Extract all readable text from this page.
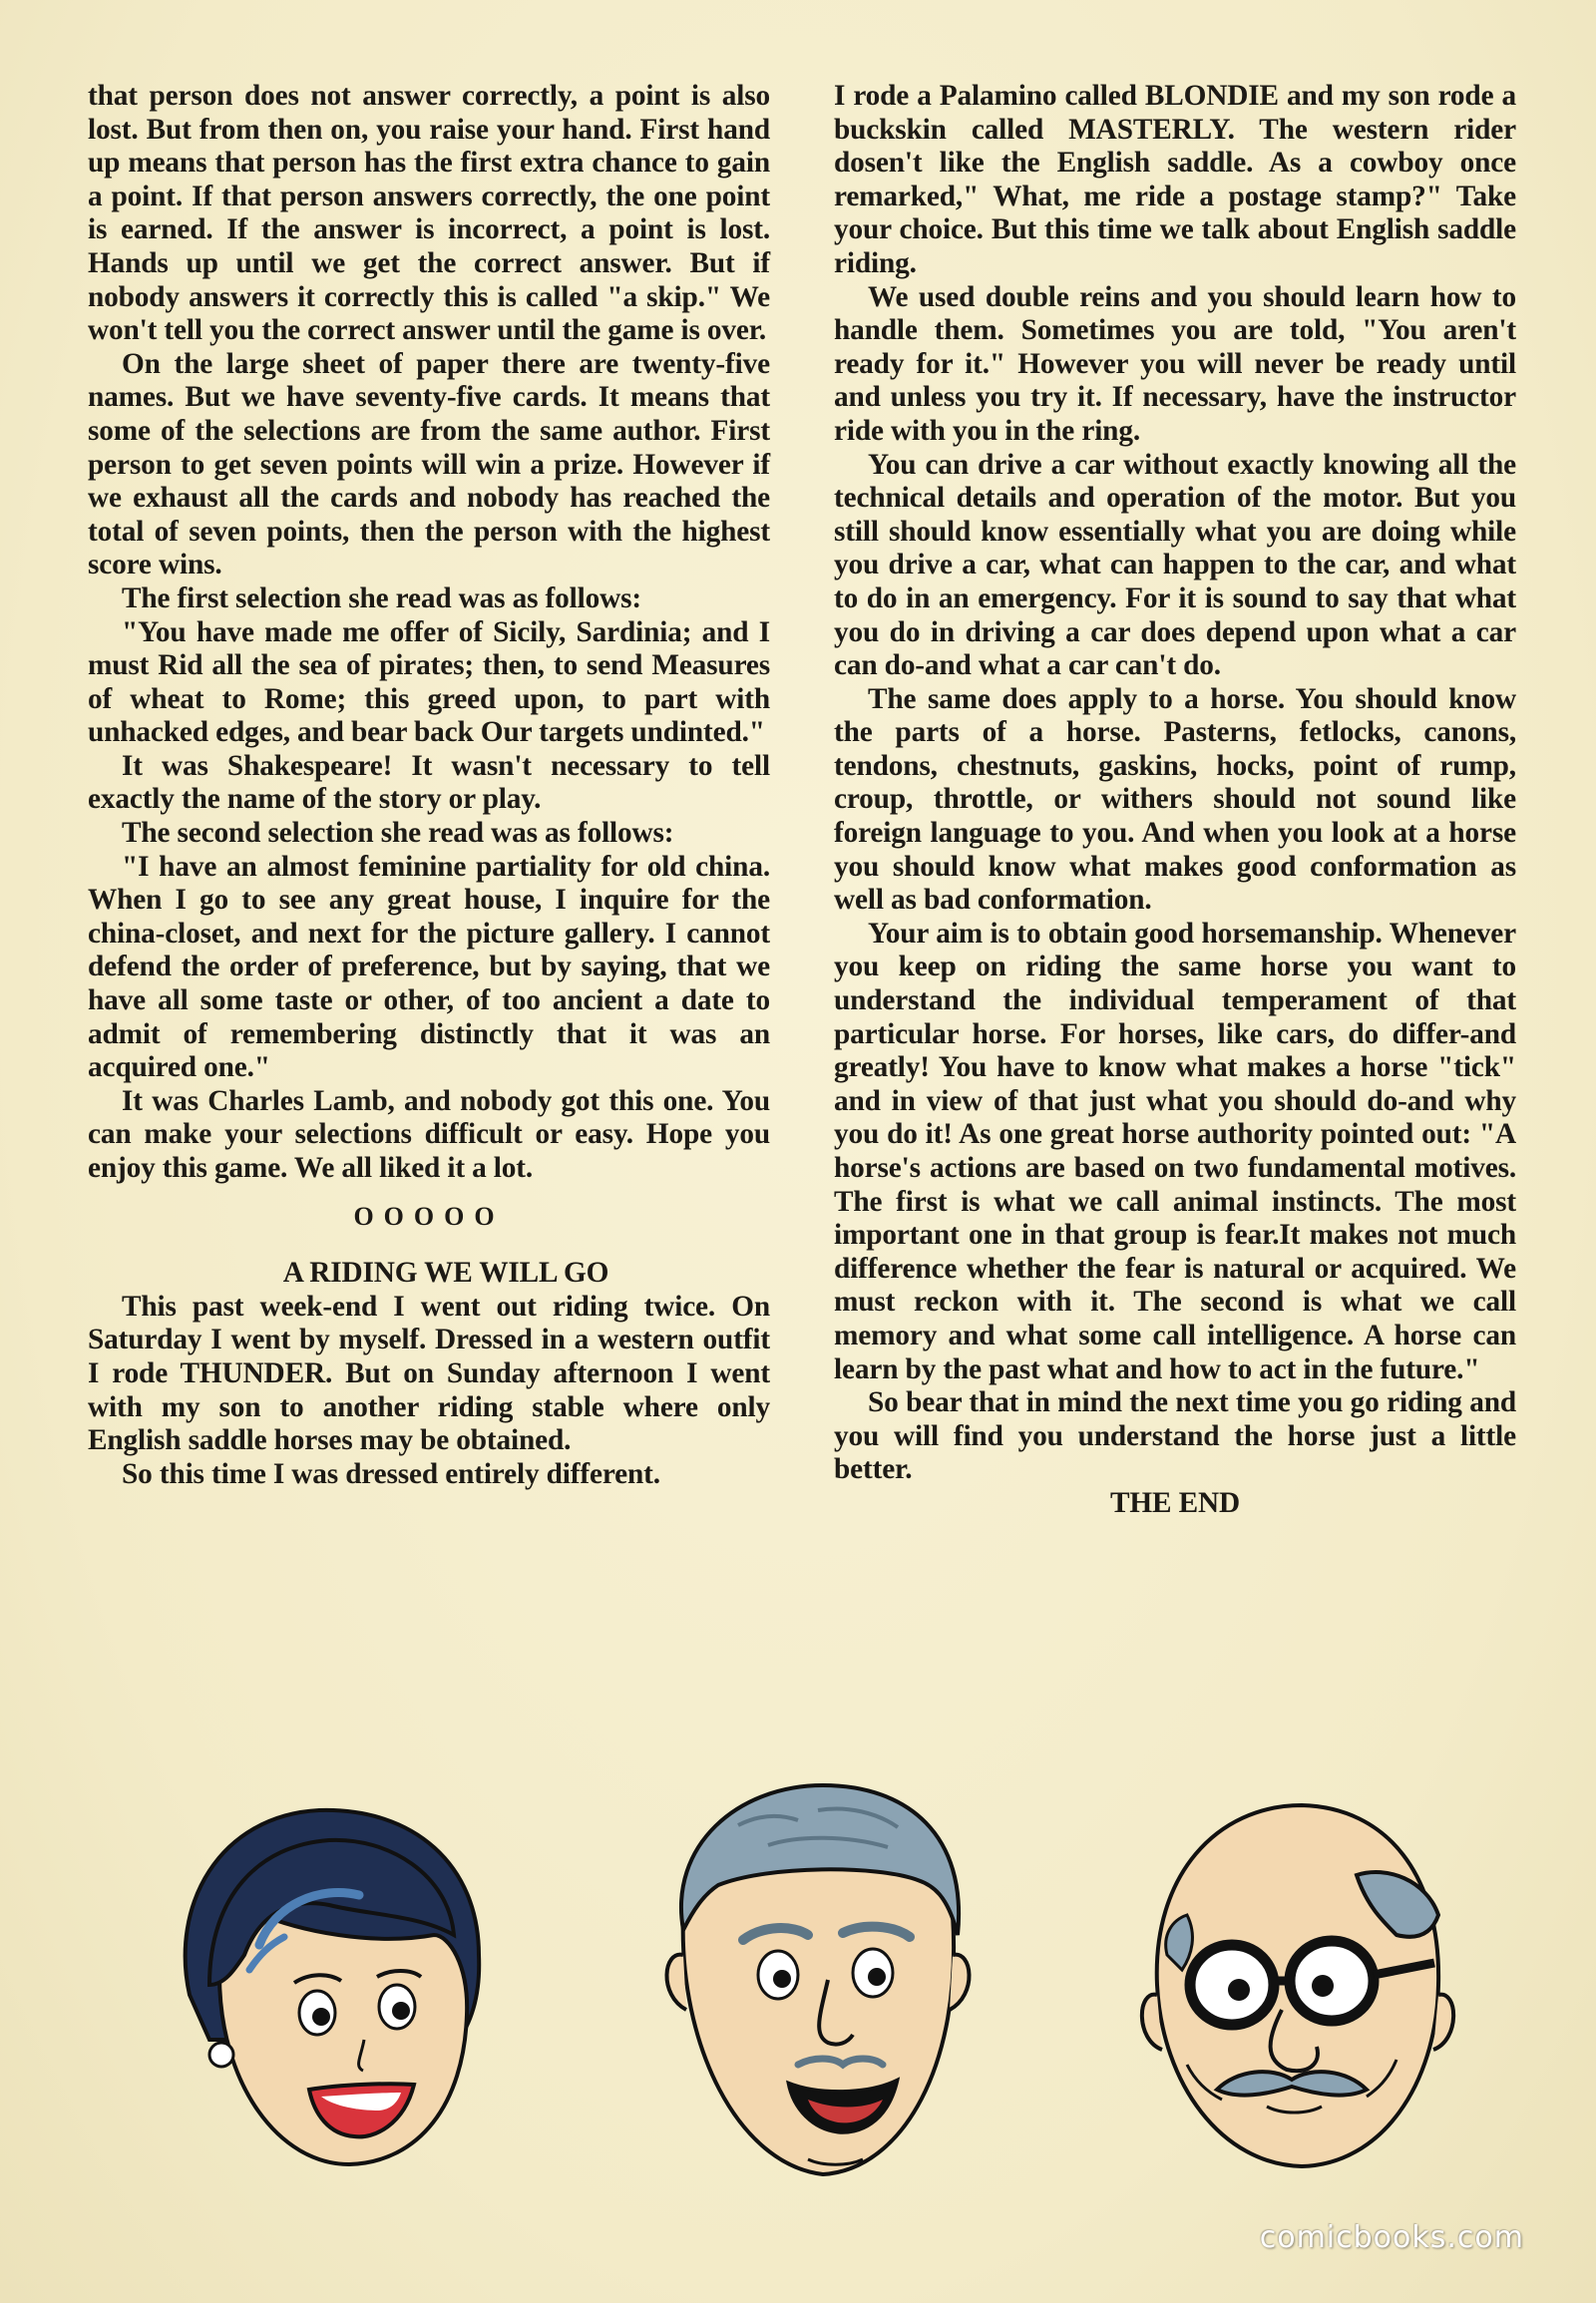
that person does not answer correctly, a point is also lost. But from then on, you raise your hand. First hand up means that person has the first extra chance to gain a point. If that person answers correctly, the one point is earned. If the answer is incorrect, a point is lost. Hands up until we get the correct answer. But if nobody answers it correctly this is called "a skip." We won't tell you the correct answer until the game is over.

On the large sheet of paper there are twenty-five names. But we have seventy-five cards. It means that some of the selections are from the same author. First person to get seven points will win a prize. However if we exhaust all the cards and nobody has reached the total of seven points, then the person with the highest score wins.

The first selection she read was as follows:

"You have made me offer of Sicily, Sardinia; and I must Rid all the sea of pirates; then, to send Measures of wheat to Rome; this greed upon, to part with unhacked edges, and bear back Our targets undinted."

It was Shakespeare! It wasn't necessary to tell exactly the name of the story or play.

The second selection she read was as follows:

"I have an almost feminine partiality for old china. When I go to see any great house, I inquire for the china-closet, and next for the picture gallery. I cannot defend the order of preference, but by saying, that we have all some taste or other, of too ancient a date to admit of remembering distinctly that it was an acquired one."

It was Charles Lamb, and nobody got this one. You can make your selections difficult or easy. Hope you enjoy this game. We all liked it a lot.

OOOOO

A RIDING WE WILL GO

This past week-end I went out riding twice. On Saturday I went by myself. Dressed in a western outfit I rode THUNDER. But on Sunday afternoon I went with my son to another riding stable where only English saddle horses may be obtained.

So this time I was dressed entirely different.

I rode a Palamino called BLONDIE and my son rode a buckskin called MASTERLY. The western rider dosen't like the English saddle. As a cowboy once remarked," What, me ride a postage stamp?" Take your choice. But this time we talk about English saddle riding.

We used double reins and you should learn how to handle them. Sometimes you are told, "You aren't ready for it." However you will never be ready until and unless you try it. If necessary, have the instructor ride with you in the ring.

You can drive a car without exactly knowing all the technical details and operation of the motor. But you still should know essentially what you are doing while you drive a car, what can happen to the car, and what to do in an emergency. For it is sound to say that what you do in driving a car does depend upon what a car can do-and what a car can't do.

The same does apply to a horse. You should know the parts of a horse. Pasterns, fetlocks, canons, tendons, chestnuts, gaskins, hocks, point of rump, croup, throttle, or withers should not sound like foreign language to you. And when you look at a horse you should know what makes good conformation as well as bad conformation.

Your aim is to obtain good horsemanship. Whenever you keep on riding the same horse you want to understand the individual temperament of that particular horse. For horses, like cars, do differ-and greatly! You have to know what makes a horse "tick" and in view of that just what you should do-and why you do it! As one great horse authority pointed out: "A horse's actions are based on two fundamental motives. The first is what we call animal instincts. The most important one in that group is fear.It makes not much difference whether the fear is natural or acquired. We must reckon with it. The second is what we call memory and what some call intelligence. A horse can learn by the past what and how to act in the future."

So bear that in mind the next time you go riding and you will find you understand the horse just a little better.

THE END

comicbooks.com
